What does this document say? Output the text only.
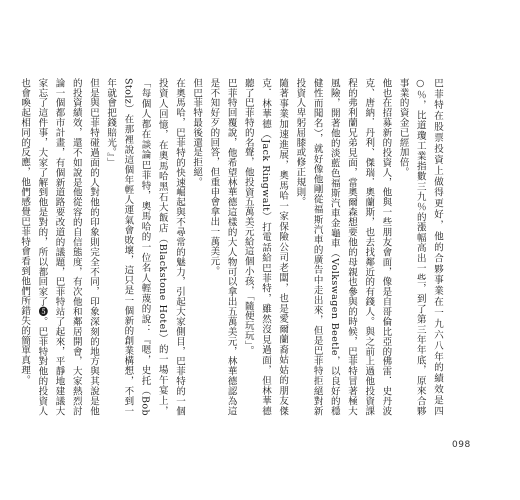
巴菲特在股票投資上做得更好，他的合夥事業在一九六八年的績效是四○％，比道瓊工業指數三九％的漲幅高出一些，到了第三年年底，原來合夥事業的資金已經加倍。

他也在招募新的投資人，他與一些朋友會面，像是自哥倫比亞的佛雷．史丹波克、唐納．丹利、傑瑞．奧蘭斯，也去找鄰近的有錢人。與之前上過他投資課程的弗利蘭兄弟見面，當奧爾森想要他的母親也參與的時候，巴菲特冒著極大風險，開著他的淡藍色福斯汽車金龜車（Volkswagen Beetle，以良好的穩健性而聞名），就好像他剛從福斯汽車的廣告中走出來，但是巴菲特拒絕對新投資人卑躬屈膝或修正規則。

隨著事業加速進展，奧馬哈一家保險公司老闆，也是愛爾蘭裔姑姑的朋友傑克．林華德（Jack Ringwalt）打電話給巴菲特，雖然沒見過面，但林華德聽了巴菲特的名聲，他投資五萬美元給這個小孩，「隨便玩玩」。

巴菲特回覆說，他希望林華德這樣的大人物可以拿出五萬美元，林華德認為這是不知好歹的回答，但重申會拿出一萬美元。

但巴菲特最後還是拒絕。

在奧馬哈，巴菲特的快速崛起與不尋常的魅力，引起大家側目，巴菲特的一個投資人回憶，在奧馬哈黑石大飯店（Blackstone Hotel）的一場午宴上，「每個人都在談論巴菲特，奧馬哈的一位名人輕蔑的說：『嗯，史托（Bob Stolz）在那裡說這個年輕人運氣會敗壞，這只是一個新的創業構想，不到一年就會把錢賠光。』」

但是與巴菲特碰過面的人對他的印象則完全不同，印象深刻的地方與其說是他的投資績效，還不如說是他從容的自信態度，有次他和鄰居開會，大家熱烈討論一個都市計畫，有個新道路要改道的議題，巴菲特站了起來，平靜地建議大家忘了這件事，大家了解到他是對的，所以都回家了❺。巴菲特對他的投資人也會喚起相同的反應，他們感覺巴菲特會看到他們所錯失的簡單真理。

098
